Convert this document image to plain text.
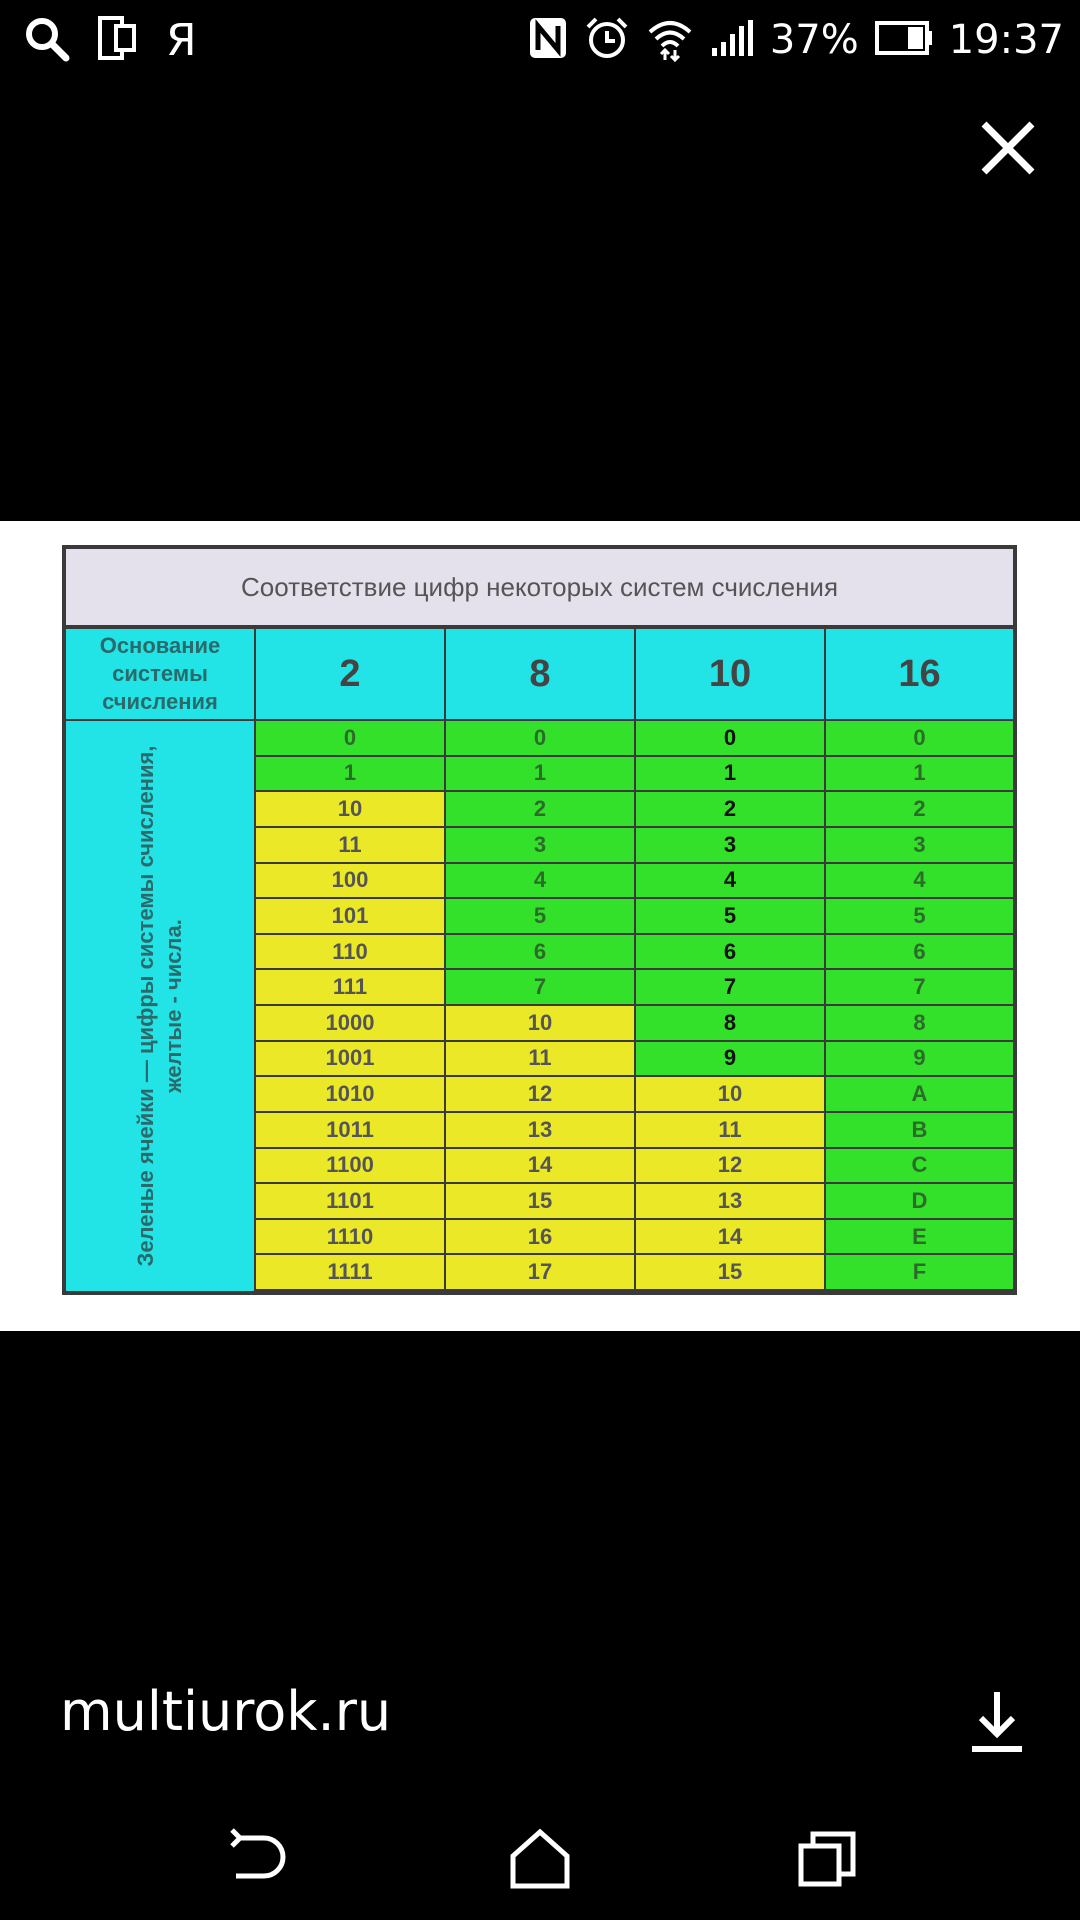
Я	37% 19:37
Соответствие цифр некоторых систем счисления
Основание системы счисления
2	8	10	16
Зеленые ячейки — цифры системы счисления, желтые - числа.
0	0	0	0
1	1	1	1
10	2	2	2
11	3	3	3
100	4	4	4
101	5	5	5
110	6	6	6
111	7	7	7
1000	10	8	8
1001	11	9	9
1010	12	10	A
1011	13	11	B
1100	14	12	C
1101	15	13	D
1110	16	14	E
1111	17	15	F
multiurok.ru
